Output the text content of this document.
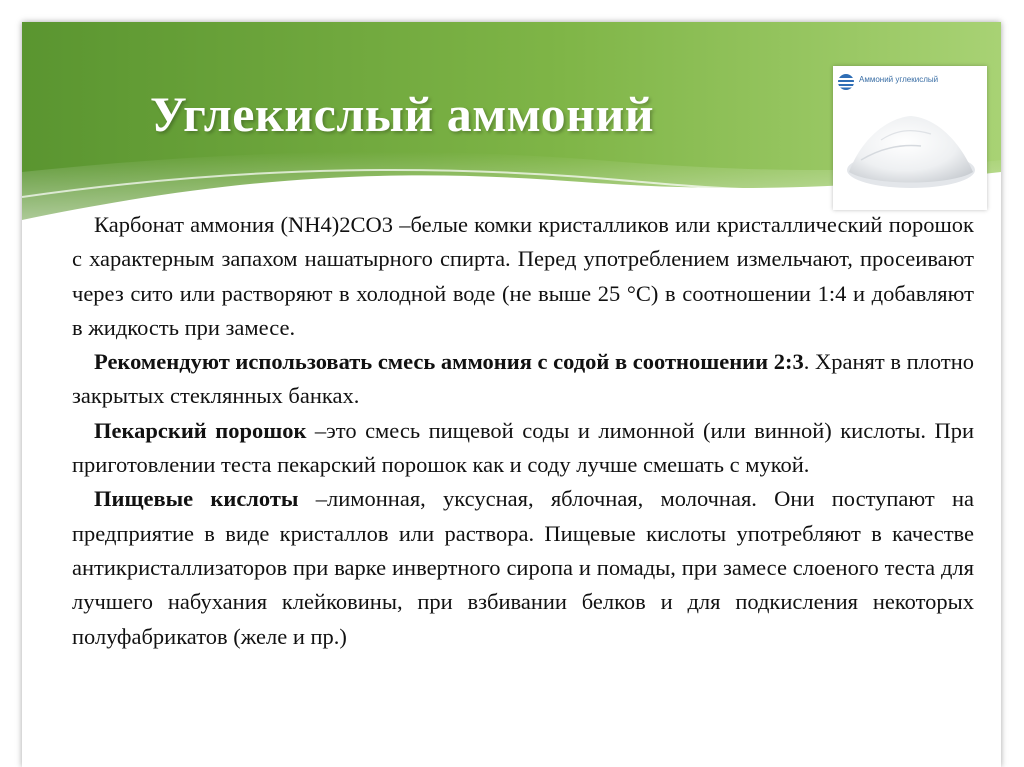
Углекислый аммоний
Аммоний углекислый

Карбонат аммония (NH4)2CO3 –белые комки кристалликов или кристаллический порошок с характерным запахом нашатырного спирта. Перед употреблением измельчают, просеивают через сито или растворяют в холодной воде (не выше 25 °С) в соотношении 1:4 и добавляют в жидкость при замесе.

Рекомендуют использовать смесь аммония с содой в соотношении 2:3. Хранят в плотно закрытых стеклянных банках.

Пекарский порошок –это смесь пищевой соды и лимонной (или винной) кислоты. При приготовлении теста пекарский порошок как и соду лучше смешать с мукой.

Пищевые кислоты –лимонная, уксусная, яблочная, молочная. Они поступают на предприятие в виде кристаллов или раствора. Пищевые кислоты употребляют в качестве антикристаллизаторов при варке инвертного сиропа и помады, при замесе слоеного теста для лучшего набухания клейковины, при взбивании белков и для подкисления некоторых полуфабрикатов (желе и пр.)
